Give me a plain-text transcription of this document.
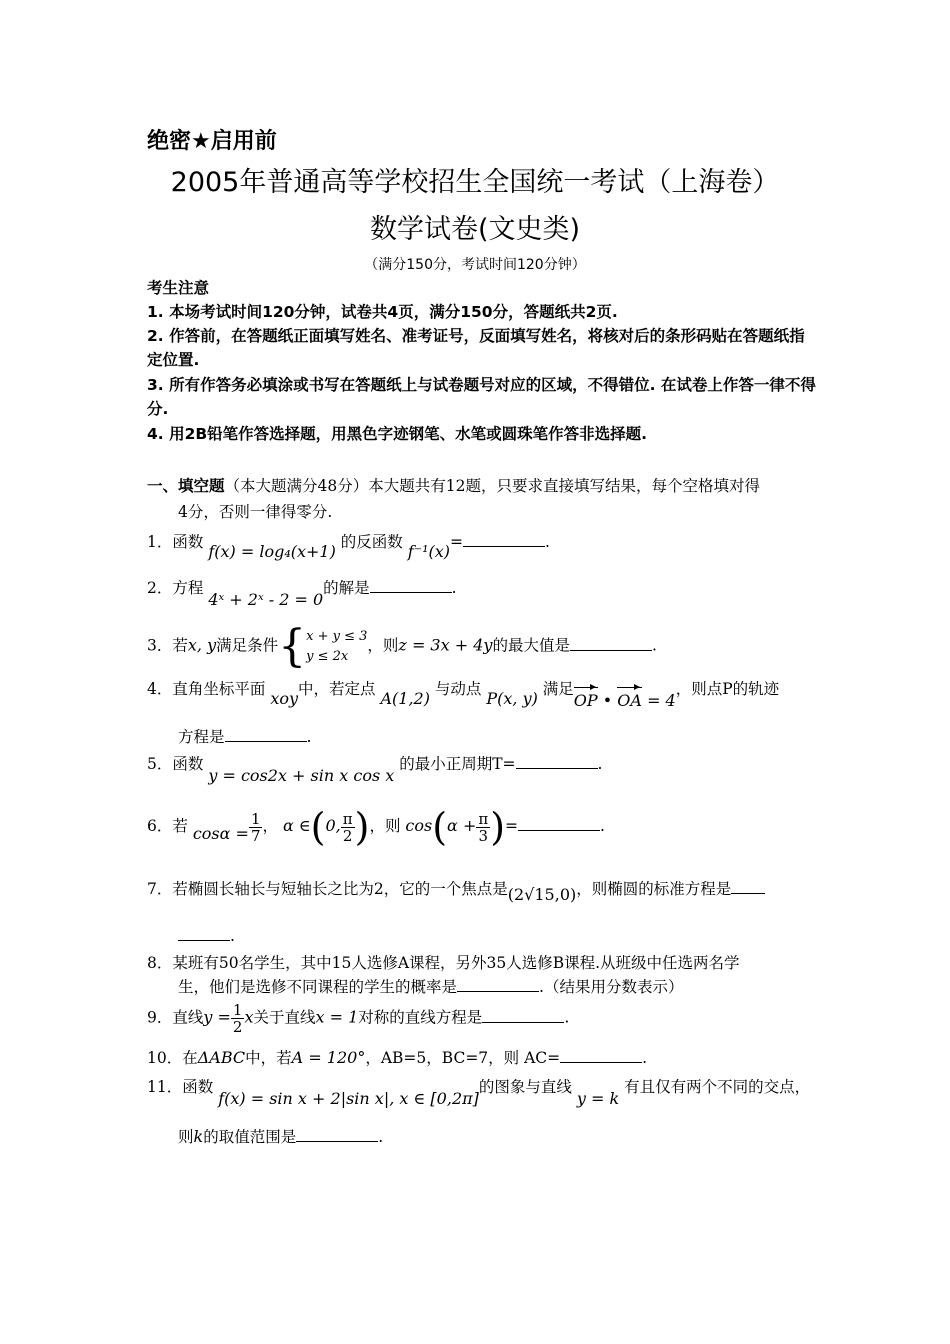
绝密★启用前
2005年普通高等学校招生全国统一考试（上海卷）
数学试卷(文史类)
（满分150分，考试时间120分钟）
考生注意
1. 本场考试时间120分钟，试卷共4页，满分150分，答题纸共2页.
2. 作答前，在答题纸正面填写姓名、准考证号，反面填写姓名，将核对后的条形码贴在答题纸指定位置.
3. 所有作答务必填涂或书写在答题纸上与试卷题号对应的区域，不得错位. 在试卷上作答一律不得分.
4. 用2B铅笔作答选择题，用黑色字迹钢笔、水笔或圆珠笔作答非选择题.
一、填空题（本大题满分48分）本大题共有12题，只要求直接填写结果，每个空格填对得
4分，否则一律得零分.
1．函数 f(x) = log₄(x+1) 的反函数 f⁻¹(x)=	.
2．方程 4ˣ + 2ˣ - 2 = 0的解是	.
3．若x, y满足条件{ x + y ≤ 3
y ≤ 2x
，则z = 3x + 4y的最大值是	.
4．直角坐标平面 xoy中，若定点 A(1,2) 与动点 P(x, y) 满足OP • OA = 4，则点P的轨迹
方程是	.
5．函数 y = cos2x + sin x cos x 的最小正周期T=	.
6．若 $\cos\alpha = \frac{1}{7}$ ， α ∈(0, $\frac{\pi}{2}$ )，则 $\cos(\alpha + \frac{\pi}{3}$ )=	.
7．若椭圆长轴长与短轴长之比为2，它的一个焦点是(2√15,0)，则椭圆的标准方程是
.
8．某班有50名学生，其中15人选修A课程，另外35人选修B课程.从班级中任选两名学
生，他们是选修不同课程的学生的概率是	.（结果用分数表示）
9．直线$y = \frac{1}{2}$ x关于直线x = 1对称的直线方程是	.
10．在ΔABC中，若A = 120°，AB=5，BC=7，则 AC=	.
11．函数 f(x) = sin x + 2|sin x|, x ∈ [0,2π]的图象与直线 y = k 有且仅有两个不同的交点，
则k的取值范围是	.
